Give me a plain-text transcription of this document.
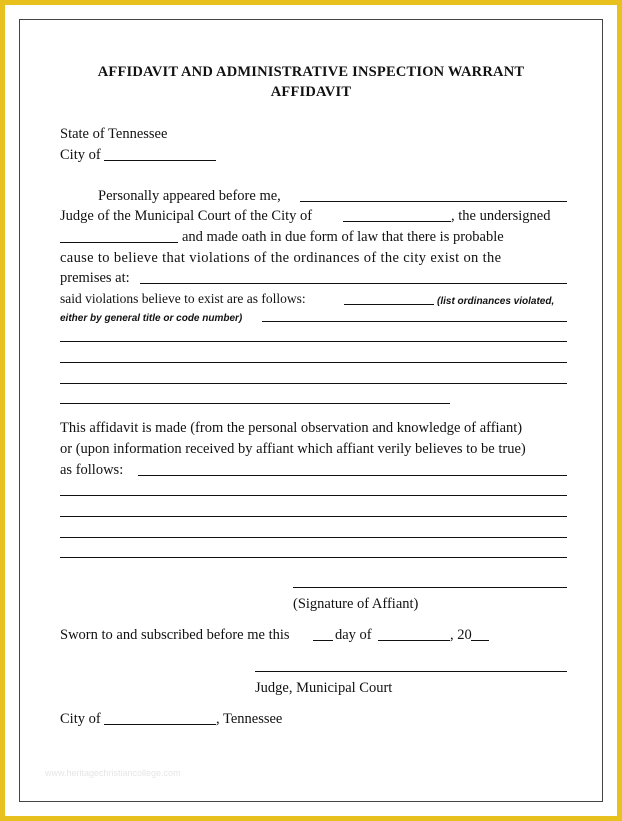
AFFIDAVIT AND ADMINISTRATIVE INSPECTION WARRANT
AFFIDAVIT
State of Tennessee
City of
Personally appeared before me,
Judge of the Municipal Court of the City of	, the undersigned
and made oath in due form of law that there is probable
cause to believe that violations of the ordinances of the city exist on the
premises at:
said violations believe to exist are as follows:	(list ordinances violated,
either by general title or code number)
This affidavit is made (from the personal observation and knowledge of affiant)
or (upon information received by affiant which affiant verily believes to be true)
as follows:
(Signature of Affiant)
Sworn to and subscribed before me this	day of	, 20
Judge, Municipal Court
City of	, Tennessee
www.heritagechristiancollege.com
